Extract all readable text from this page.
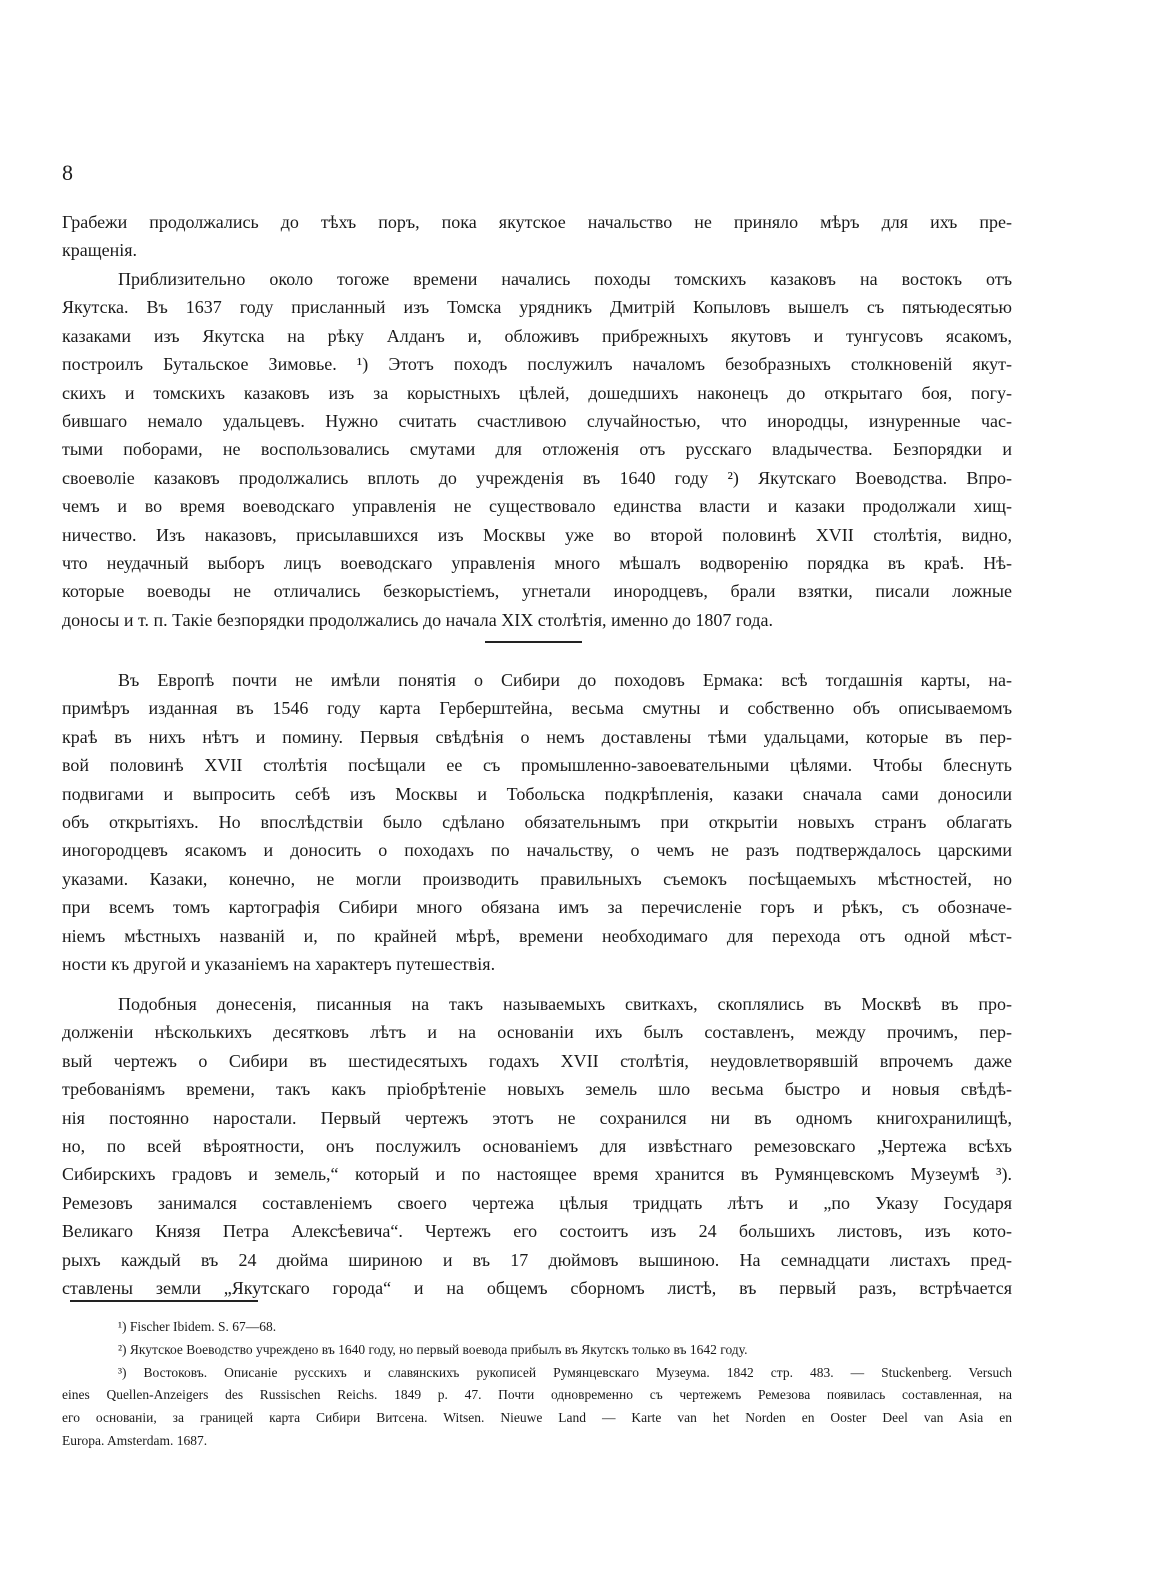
8
Грабежи продолжались до тѣхъ поръ, пока якутское начальство не приняло мѣръ для ихъ пре-
кращенія.
Приблизительно около тогоже времени начались походы томскихъ казаковъ на востокъ отъ
Якутска. Въ 1637 году присланный изъ Томска урядникъ Дмитрій Копыловъ вышелъ съ пятьюдесятью
казаками изъ Якутска на рѣку Алданъ и, обложивъ прибрежныхъ якутовъ и тунгусовъ ясакомъ,
построилъ Бутальское Зимовье. ¹) Этотъ походъ послужилъ началомъ безобразныхъ столкновеній якут-
скихъ и томскихъ казаковъ изъ за корыстныхъ цѣлей, дошедшихъ наконецъ до открытаго боя, погу-
бившаго немало удальцевъ. Нужно считать счастливою случайностью, что инородцы, изнуренные час-
тыми поборами, не воспользовались смутами для отложенія отъ русскаго владычества. Безпорядки и
своеволіе казаковъ продолжались вплоть до учрежденія въ 1640 году ²) Якутскаго Воеводства. Впро-
чемъ и во время воеводскаго управленія не существовало единства власти и казаки продолжали хищ-
ничество. Изъ наказовъ, присылавшихся изъ Москвы уже во второй половинѣ XVII столѣтія, видно,
что неудачный выборъ лицъ воеводскаго управленія много мѣшалъ водворенію порядка въ краѣ. Нѣ-
которые воеводы не отличались безкорыстіемъ, угнетали инородцевъ, брали взятки, писали ложные
доносы и т. п. Такіе безпорядки продолжались до начала XIX столѣтія, именно до 1807 года.
Въ Европѣ почти не имѣли понятія о Сибири до походовъ Ермака: всѣ тогдашнія карты, на-
примѣръ изданная въ 1546 году карта Герберштейна, весьма смутны и собственно объ описываемомъ
краѣ въ нихъ нѣтъ и помину. Первыя свѣдѣнія о немъ доставлены тѣми удальцами, которые въ пер-
вой половинѣ XVII столѣтія посѣщали ее съ промышленно-завоевательными цѣлями. Чтобы блеснуть
подвигами и выпросить себѣ изъ Москвы и Тобольска подкрѣпленія, казаки сначала сами доносили
объ открытіяхъ. Но впослѣдствіи было сдѣлано обязательнымъ при открытіи новыхъ странъ облагать
иногородцевъ ясакомъ и доносить о походахъ по начальству, о чемъ не разъ подтверждалось царскими
указами. Казаки, конечно, не могли производить правильныхъ съемокъ посѣщаемыхъ мѣстностей, но
при всемъ томъ картографія Сибири много обязана имъ за перечисленіе горъ и рѣкъ, съ обозначе-
ніемъ мѣстныхъ названій и, по крайней мѣрѣ, времени необходимаго для перехода отъ одной мѣст-
ности къ другой и указаніемъ на характеръ путешествія.
Подобныя донесенія, писанныя на такъ называемыхъ свиткахъ, скоплялись въ Москвѣ въ про-
долженіи нѣсколькихъ десятковъ лѣтъ и на основаніи ихъ былъ составленъ, между прочимъ, пер-
вый чертежъ о Сибири въ шестидесятыхъ годахъ XVII столѣтія, неудовлетворявшій впрочемъ даже
требованіямъ времени, такъ какъ пріобрѣтеніе новыхъ земель шло весьма быстро и новыя свѣдѣ-
нія постоянно наростали. Первый чертежъ этотъ не сохранился ни въ одномъ книгохранилищѣ,
но, по всей вѣроятности, онъ послужилъ основаніемъ для извѣстнаго ремезовскаго „Чертежа всѣхъ
Сибирскихъ градовъ и земель,“ который и по настоящее время хранится въ Румянцевскомъ Музеумѣ ³).
Ремезовъ занимался составленіемъ своего чертежа цѣлыя тридцать лѣтъ и „по Указу Государя
Великаго Князя Петра Алексѣевича“. Чертежъ его состоитъ изъ 24 большихъ листовъ, изъ кото-
рыхъ каждый въ 24 дюйма шириною и въ 17 дюймовъ вышиною. На семнадцати листахъ пред-
ставлены земли „Якутскаго города“ и на общемъ сборномъ листѣ, въ первый разъ, встрѣчается
¹) Fischer Ibidem. S. 67—68.
²) Якутское Воеводство учреждено въ 1640 году, но первый воевода прибылъ въ Якутскъ только въ 1642 году.
³) Востоковъ. Описаніе русскихъ и славянскихъ рукописей Румянцевскаго Музеума. 1842 стр. 483. — Stuckenberg. Versuch
eines Quellen-Anzeigers des Russischen Reichs. 1849 p. 47. Почти одновременно съ чертежемъ Ремезова появилась составленная, на
его основаніи, за границей карта Сибири Витсена. Witsen. Nieuwe Land — Karte van het Norden en Ooster Deel van Asia en
Europa. Amsterdam. 1687.
